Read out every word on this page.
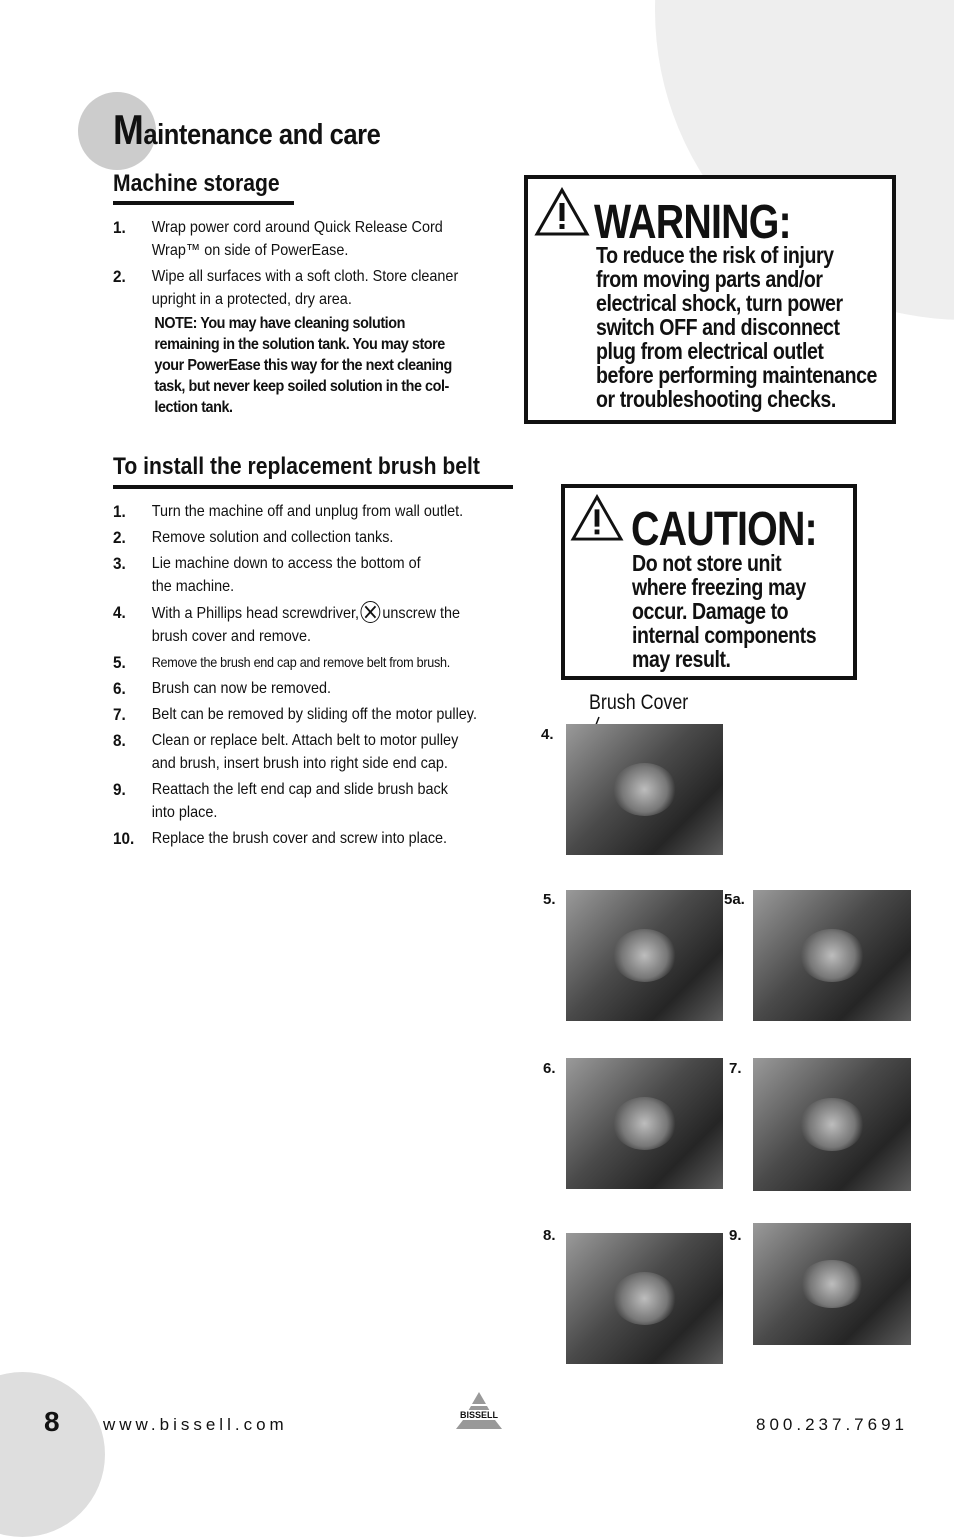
Maintenance and care
Machine storage
1. Wrap power cord around Quick Release Cord
Wrap™ on side of PowerEase.
2. Wipe all surfaces with a soft cloth. Store cleaner
upright in a protected, dry area.
NOTE: You may have cleaning solution
remaining in the solution tank. You may store
your PowerEase this way for the next cleaning
task, but never keep soiled solution in the col-
lection tank.
WARNING:
To reduce the risk of injury
from moving parts and/or
electrical shock, turn power
switch OFF and disconnect
plug from electrical outlet
before performing maintenance
or troubleshooting checks.
To install the replacement brush belt
1. Turn the machine off and unplug from wall outlet.
2. Remove solution and collection tanks.
3. Lie machine down to access the bottom of
the machine.
4. With a Phillips head screwdriver, unscrew the
brush cover and remove.
5. Remove the brush end cap and remove belt from brush.
6. Brush can now be removed.
7. Belt can be removed by sliding off the motor pulley.
8. Clean or replace belt. Attach belt to motor pulley
and brush, insert brush into right side end cap.
9. Reattach the left end cap and slide brush back
into place.
10. Replace the brush cover and screw into place.
CAUTION:
Do not store unit
where freezing may
occur. Damage to
internal components
may result.
Brush Cover
4.
5.	5a.
6.	7.
8.	9.
8	www.bissell.com	BISSELL	800.237.7691
